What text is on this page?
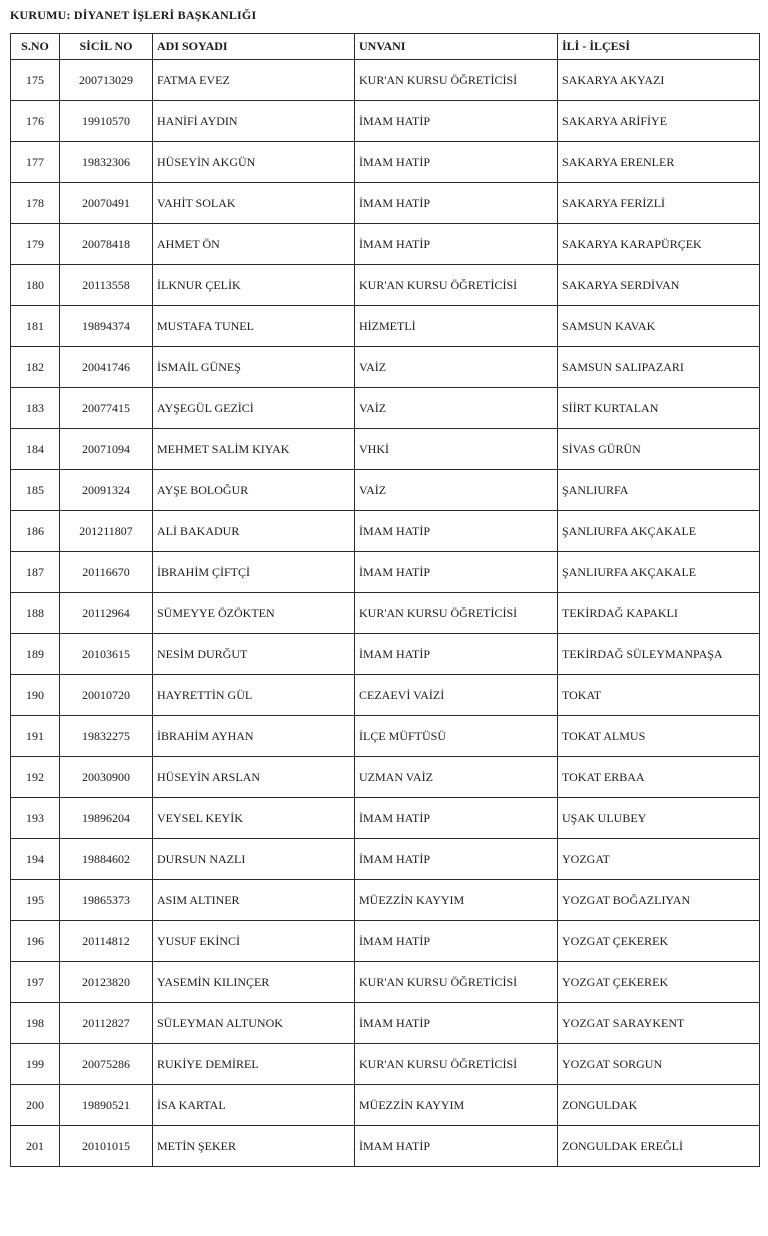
KURUMU: DİYANET İŞLERİ BAŞKANLIĞI
S.NO	SİCİL NO	ADI SOYADI	UNVANI	İLİ - İLÇESİ
175	200713029	FATMA EVEZ	KUR'AN KURSU ÖĞRETİCİSİ	SAKARYA AKYAZI
176	19910570	HANİFİ AYDIN	İMAM HATİP	SAKARYA ARİFİYE
177	19832306	HÜSEYİN AKGÜN	İMAM HATİP	SAKARYA ERENLER
178	20070491	VAHİT SOLAK	İMAM HATİP	SAKARYA FERİZLİ
179	20078418	AHMET ÖN	İMAM HATİP	SAKARYA KARAPÜRÇEK
180	20113558	İLKNUR ÇELİK	KUR'AN KURSU ÖĞRETİCİSİ	SAKARYA SERDİVAN
181	19894374	MUSTAFA TUNEL	HİZMETLİ	SAMSUN KAVAK
182	20041746	İSMAİL GÜNEŞ	VAİZ	SAMSUN SALIPAZARI
183	20077415	AYŞEGÜL GEZİCİ	VAİZ	SİİRT KURTALAN
184	20071094	MEHMET SALİM KIYAK	VHKİ	SİVAS GÜRÜN
185	20091324	AYŞE BOLOĞUR	VAİZ	ŞANLIURFA
186	201211807	ALİ BAKADUR	İMAM HATİP	ŞANLIURFA AKÇAKALE
187	20116670	İBRAHİM ÇİFTÇİ	İMAM HATİP	ŞANLIURFA AKÇAKALE
188	20112964	SÜMEYYE ÖZÖKTEN	KUR'AN KURSU ÖĞRETİCİSİ	TEKİRDAĞ KAPAKLI
189	20103615	NESİM DURĞUT	İMAM HATİP	TEKİRDAĞ SÜLEYMANPAŞA
190	20010720	HAYRETTİN GÜL	CEZAEVİ VAİZİ	TOKAT
191	19832275	İBRAHİM AYHAN	İLÇE MÜFTÜSÜ	TOKAT ALMUS
192	20030900	HÜSEYİN ARSLAN	UZMAN VAİZ	TOKAT ERBAA
193	19896204	VEYSEL KEYİK	İMAM HATİP	UŞAK ULUBEY
194	19884602	DURSUN NAZLI	İMAM HATİP	YOZGAT
195	19865373	ASIM ALTINER	MÜEZZİN KAYYIM	YOZGAT BOĞAZLIYAN
196	20114812	YUSUF EKİNCİ	İMAM HATİP	YOZGAT ÇEKEREK
197	20123820	YASEMİN KILINÇER	KUR'AN KURSU ÖĞRETİCİSİ	YOZGAT ÇEKEREK
198	20112827	SÜLEYMAN ALTUNOK	İMAM HATİP	YOZGAT SARAYKENT
199	20075286	RUKİYE DEMİREL	KUR'AN KURSU ÖĞRETİCİSİ	YOZGAT SORGUN
200	19890521	İSA KARTAL	MÜEZZİN KAYYIM	ZONGULDAK
201	20101015	METİN ŞEKER	İMAM HATİP	ZONGULDAK EREĞLİ
